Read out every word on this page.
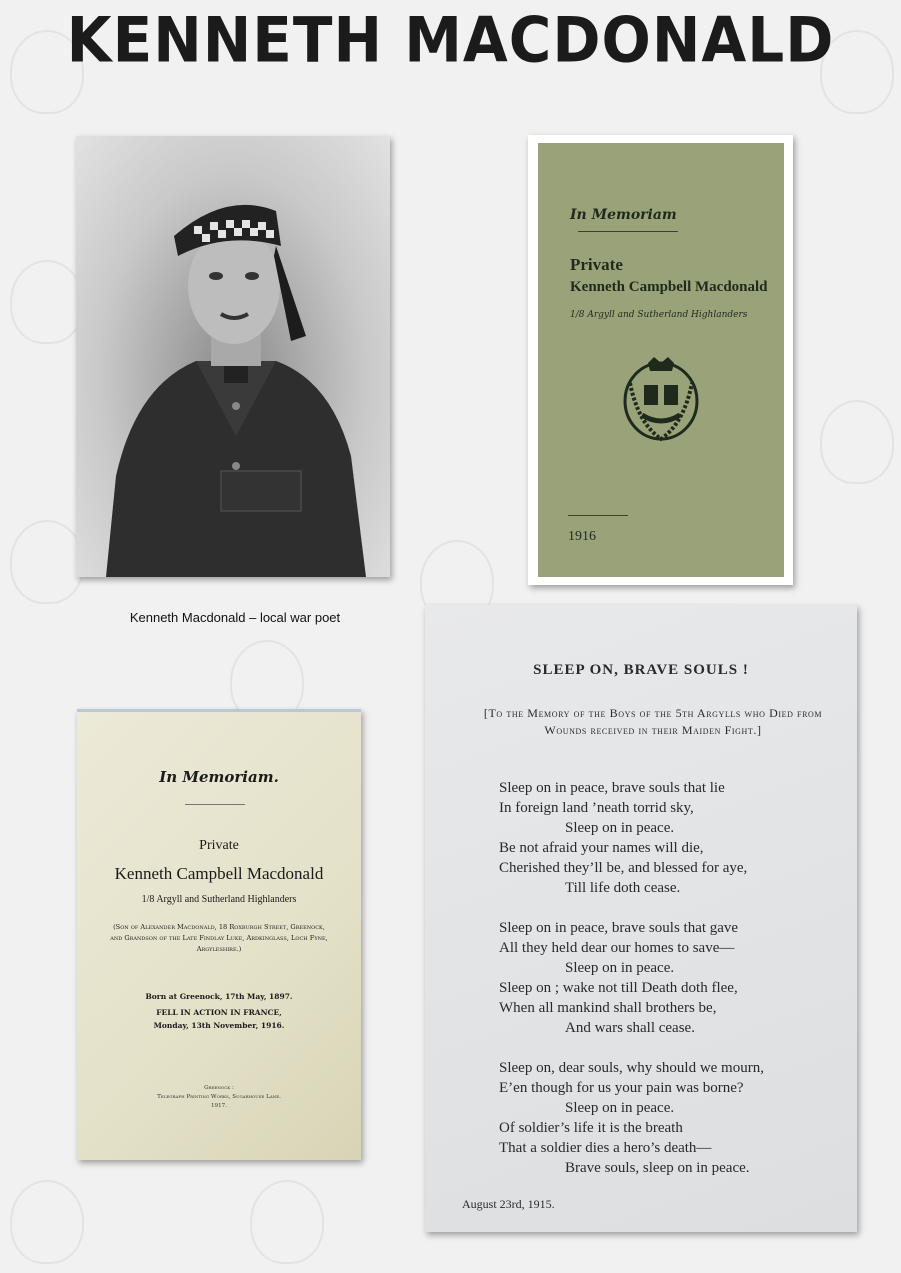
KENNETH MACDONALD
Kenneth Macdonald – local war poet
In Memoriam
Private
Kenneth Campbell Macdonald
1/8 Argyll and Sutherland Highlanders
1916
In Memoriam.
Private
Kenneth Campbell Macdonald
1/8 Argyll and Sutherland Highlanders
(Son of Alexander Macdonald, 18 Roxburgh Street, Greenock, and Grandson of the Late Findlay Luke, Ardkinglass, Loch Fyne, Argyleshire.)
Born at Greenock, 17th May, 1897.
FELL IN ACTION IN FRANCE,
Monday, 13th November, 1916.
Greenock :
Telegraph Printing Works, Sugarhouse Lane.
1917.
SLEEP ON, BRAVE SOULS !
[To the Memory of the Boys of the 5th Argylls who Died from Wounds received in their Maiden Fight.]
Sleep on in peace, brave souls that lie
In foreign land ’neath torrid sky,
Sleep on in peace.
Be not afraid your names will die,
Cherished they’ll be, and blessed for aye,
Till life doth cease.
Sleep on in peace, brave souls that gave
All they held dear our homes to save—
Sleep on in peace.
Sleep on ; wake not till Death doth flee,
When all mankind shall brothers be,
And wars shall cease.
Sleep on, dear souls, why should we mourn,
E’en though for us your pain was borne?
Sleep on in peace.
Of soldier’s life it is the breath
That a soldier dies a hero’s death—
Brave souls, sleep on in peace.
August 23rd, 1915.
